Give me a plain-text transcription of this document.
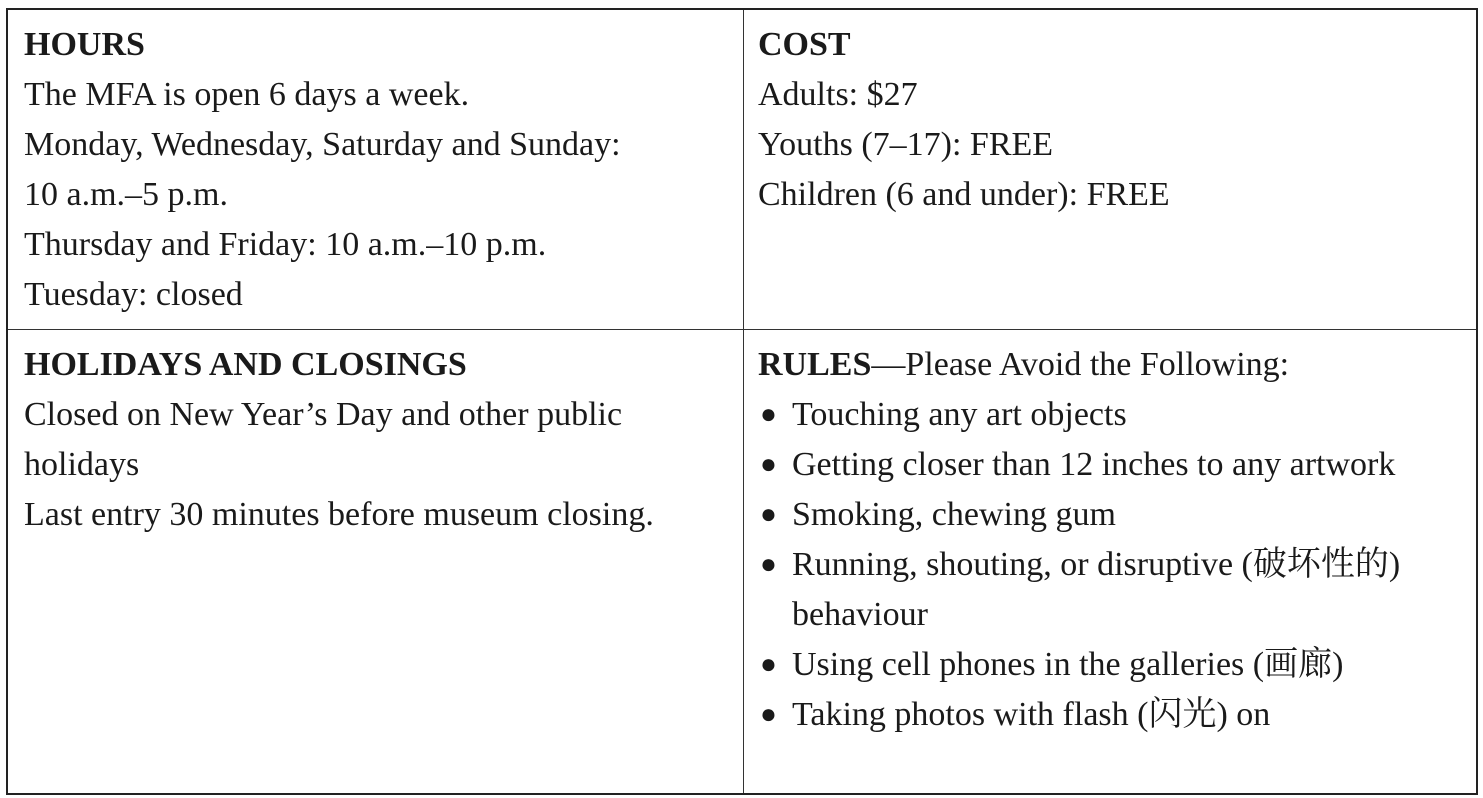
HOURS
The MFA is open 6 days a week.
Monday, Wednesday, Saturday and Sunday:
10 a.m.–5 p.m.
Thursday and Friday: 10 a.m.–10 p.m.
Tuesday: closed
COST
Adults: $27
Youths (7–17): FREE
Children (6 and under): FREE
HOLIDAYS AND CLOSINGS
Closed on New Year’s Day and other public holidays
Last entry 30 minutes before museum closing.
RULES—Please Avoid the Following:
● Touching any art objects
● Getting closer than 12 inches to any artwork
● Smoking, chewing gum
● Running, shouting, or disruptive (破坏性的) behaviour
● Using cell phones in the galleries (画廊)
● Taking photos with flash (闪光) on
